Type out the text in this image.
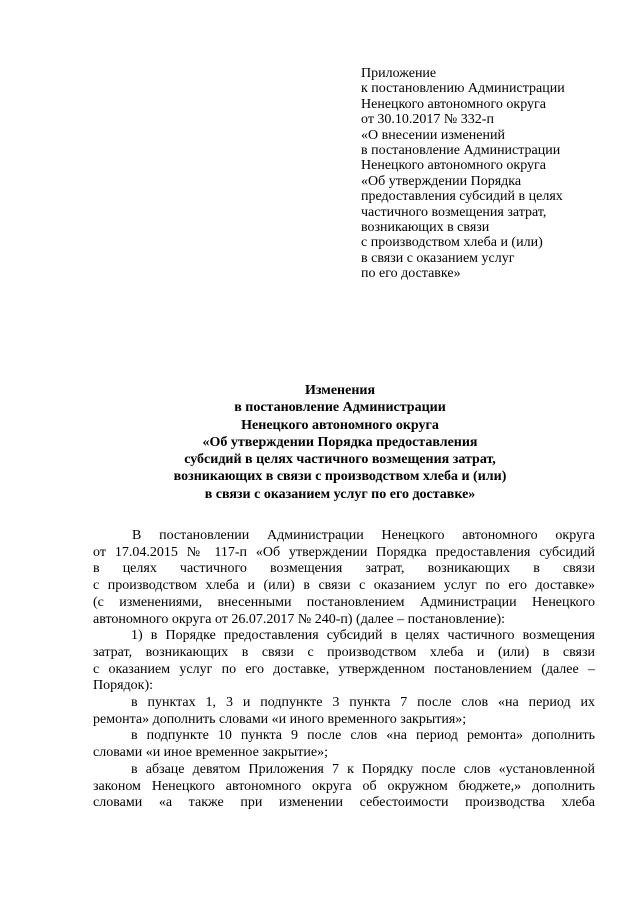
Приложение
к постановлению Администрации
Ненецкого автономного округа
от 30.10.2017 № 332-п
«О внесении изменений
в постановление Администрации
Ненецкого автономного округа
«Об утверждении Порядка
предоставления субсидий в целях
частичного возмещения затрат,
возникающих в связи
с производством хлеба и (или)
в связи с оказанием услуг
по его доставке»
Изменения
в постановление Администрации
Ненецкого автономного округа
«Об утверждении Порядка предоставления
субсидий в целях частичного возмещения затрат,
возникающих в связи с производством хлеба и (или)
в связи с оказанием услуг по его доставке»
В постановлении Администрации Ненецкого автономного округа
от 17.04.2015 № 117-п «Об утверждении Порядка предоставления субсидий
в целях частичного возмещения затрат, возникающих в связи
с производством хлеба и (или) в связи с оказанием услуг по его доставке»
(с изменениями, внесенными постановлением Администрации Ненецкого
автономного округа от 26.07.2017 № 240-п) (далее – постановление):
1) в Порядке предоставления субсидий в целях частичного возмещения
затрат, возникающих в связи с производством хлеба и (или) в связи
с оказанием услуг по его доставке, утвержденном постановлением (далее –
Порядок):
в пунктах 1, 3 и подпункте 3 пункта 7 после слов «на период их
ремонта» дополнить словами «и иного временного закрытия»;
в подпункте 10 пункта 9 после слов «на период ремонта» дополнить
словами «и иное временное закрытие»;
в абзаце девятом Приложения 7 к Порядку после слов «установленной
законом Ненецкого автономного округа об окружном бюджете,» дополнить
словами «а также при изменении себестоимости производства хлеба
